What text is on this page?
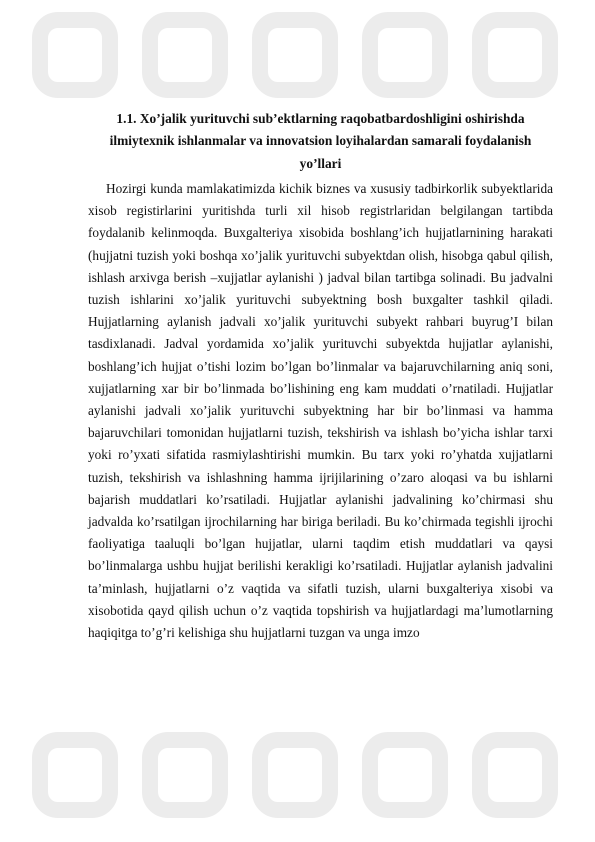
1.1. Xo’jalik yurituvchi sub’ektlarning raqobatbardoshligini oshirishda ilmiytexnik ishlanmalar va innovatsion loyihalardan samarali foydalanish yo’llari

Hozirgi kunda mamlakatimizda kichik biznes va xususiy tadbirkorlik subyektlarida xisob registirlarini yuritishda turli xil hisob registrlaridan belgilangan tartibda foydalanib kelinmoqda. Buxgalteriya xisobida boshlang’ich hujjatlarnining harakati (hujjatni tuzish yoki boshqa xo’jalik yurituvchi subyektdan olish, hisobga qabul qilish, ishlash arxivga berish –xujjatlar aylanishi ) jadval bilan tartibga solinadi. Bu jadvalni tuzish ishlarini xo’jalik yurituvchi subyektning bosh buxgalter tashkil qiladi. Hujjatlarning aylanish jadvali xo’jalik yurituvchi subyekt rahbari buyrug’I bilan tasdixlanadi. Jadval yordamida xo’jalik yurituvchi subyektda hujjatlar aylanishi, boshlang’ich hujjat o’tishi lozim bo’lgan bo’linmalar va bajaruvchilarning aniq soni, xujjatlarning xar bir bo’linmada bo’lishining eng kam muddati o’rnatiladi. Hujjatlar aylanishi jadvali xo’jalik yurituvchi subyektning har bir bo’linmasi va hamma bajaruvchilari tomonidan hujjatlarni tuzish, tekshirish va ishlash bo’yicha ishlar tarxi yoki ro’yxati sifatida rasmiylashtirishi mumkin. Bu tarx yoki ro’yhatda xujjatlarni tuzish, tekshirish va ishlashning hamma ijrijilarining o’zaro aloqasi va bu ishlarni bajarish muddatlari ko’rsatiladi. Hujjatlar aylanishi jadvalining ko’chirmasi shu jadvalda ko’rsatilgan ijrochilarning har biriga beriladi. Bu ko’chirmada tegishli ijrochi faoliyatiga taaluqli bo’lgan hujjatlar, ularni taqdim etish muddatlari va qaysi bo’linmalarga ushbu hujjat berilishi kerakligi ko’rsatiladi. Hujjatlar aylanish jadvalini ta’minlash, hujjatlarni o’z vaqtida va sifatli tuzish, ularni buxgalteriya xisobi va xisobotida qayd qilish uchun o’z vaqtida topshirish va hujjatlardagi ma’lumotlarning haqiqitga to’g’ri kelishiga shu hujjatlarni tuzgan va unga imzo
